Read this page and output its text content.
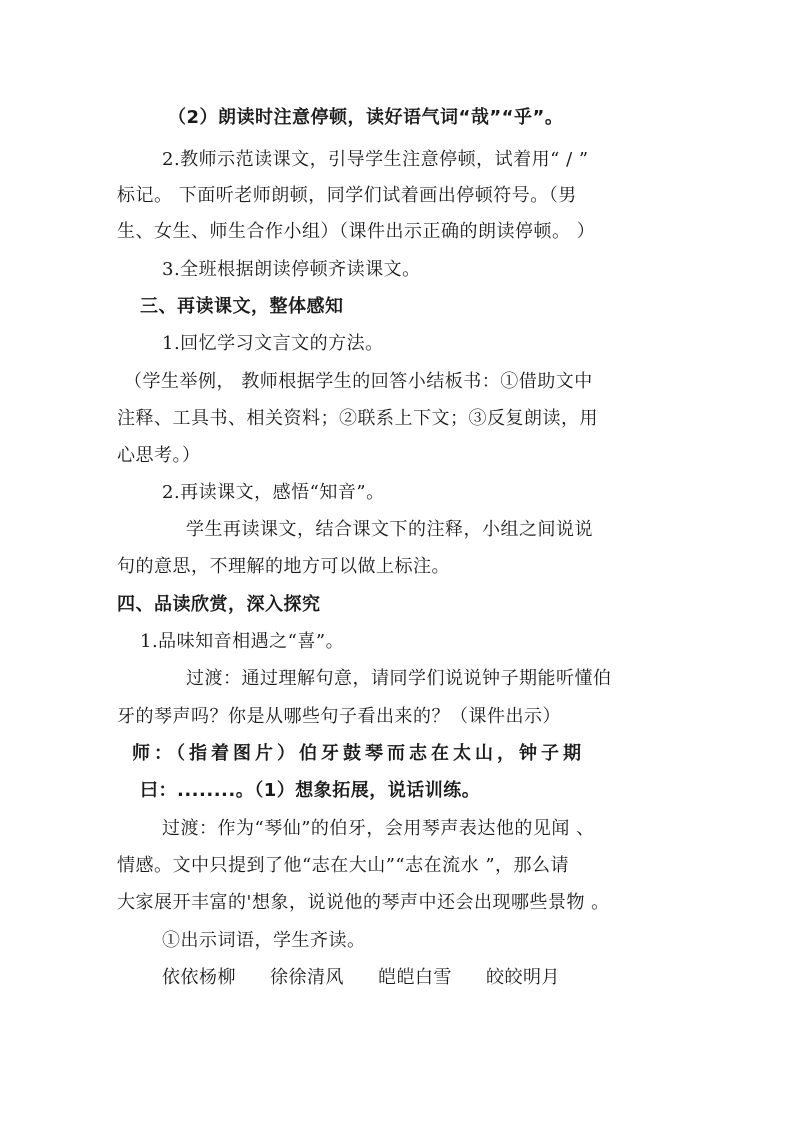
（2）朗读时注意停顿，读好语气词“哉”“乎”。
2.教师示范读课文，引导学生注意停顿，试着用“ / ”
标记。 下面听老师朗顿，同学们试着画出停顿符号。（男
生、女生、师生合作小组）（课件出示正确的朗读停顿。 ）
3.全班根据朗读停顿齐读课文。
三、再读课文，整体感知
1.回忆学习文言文的方法。
（学生举例， 教师根据学生的回答小结板书：①借助文中
注释、工具书、相关资料；②联系上下文；③反复朗读，用
心思考。）
2.再读课文，感悟“知音”。
学生再读课文，结合课文下的注释，小组之间说说
句的意思，不理解的地方可以做上标注。
四、品读欣赏，深入探究
1.品味知音相遇之“喜”。
过渡：通过理解句意，请同学们说说钟子期能听懂伯
牙的琴声吗？你是从哪些句子看出来的？（课件出示）
师：（指着图片）伯牙鼓琴而志在太山，钟子期
曰：........。（1）想象拓展，说话训练。
过渡：作为“琴仙”的伯牙，会用琴声表达他的见闻 、
情感。文中只提到了他“志在大山”“志在流水 ”，那么请
大家展开丰富的'想象，说说他的琴声中还会出现哪些景物 。
①出示词语，学生齐读。
依依杨柳 徐徐清风 皑皑白雪 皎皎明月
